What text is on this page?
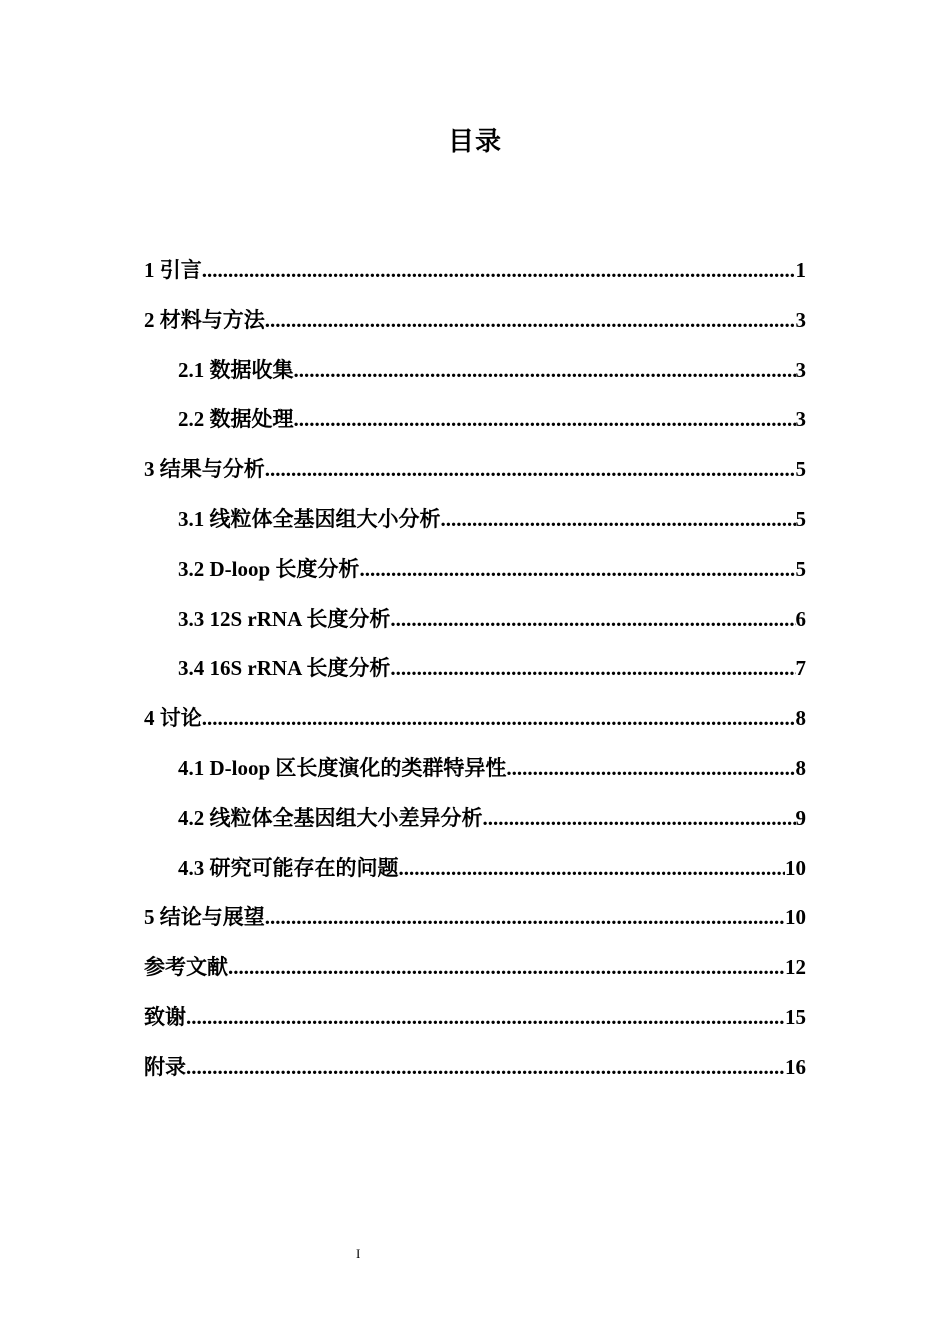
目录
1 引言 .....	1
2 材料与方法 .....	3
2.1 数据收集 .....	3
2.2 数据处理 .....	3
3 结果与分析 .....	5
3.1 线粒体全基因组大小分析 .....	5
3.2 D-loop 长度分析 .....	5
3.3 12S rRNA 长度分析 .....	6
3.4 16S rRNA 长度分析 .....	7
4 讨论 .....	8
4.1 D-loop 区长度演化的类群特异性 .....	8
4.2 线粒体全基因组大小差异分析 .....	9
4.3 研究可能存在的问题 .....	10
5 结论与展望 .....	10
参考文献 .....	12
致谢 .....	15
附录 .....	16
I
